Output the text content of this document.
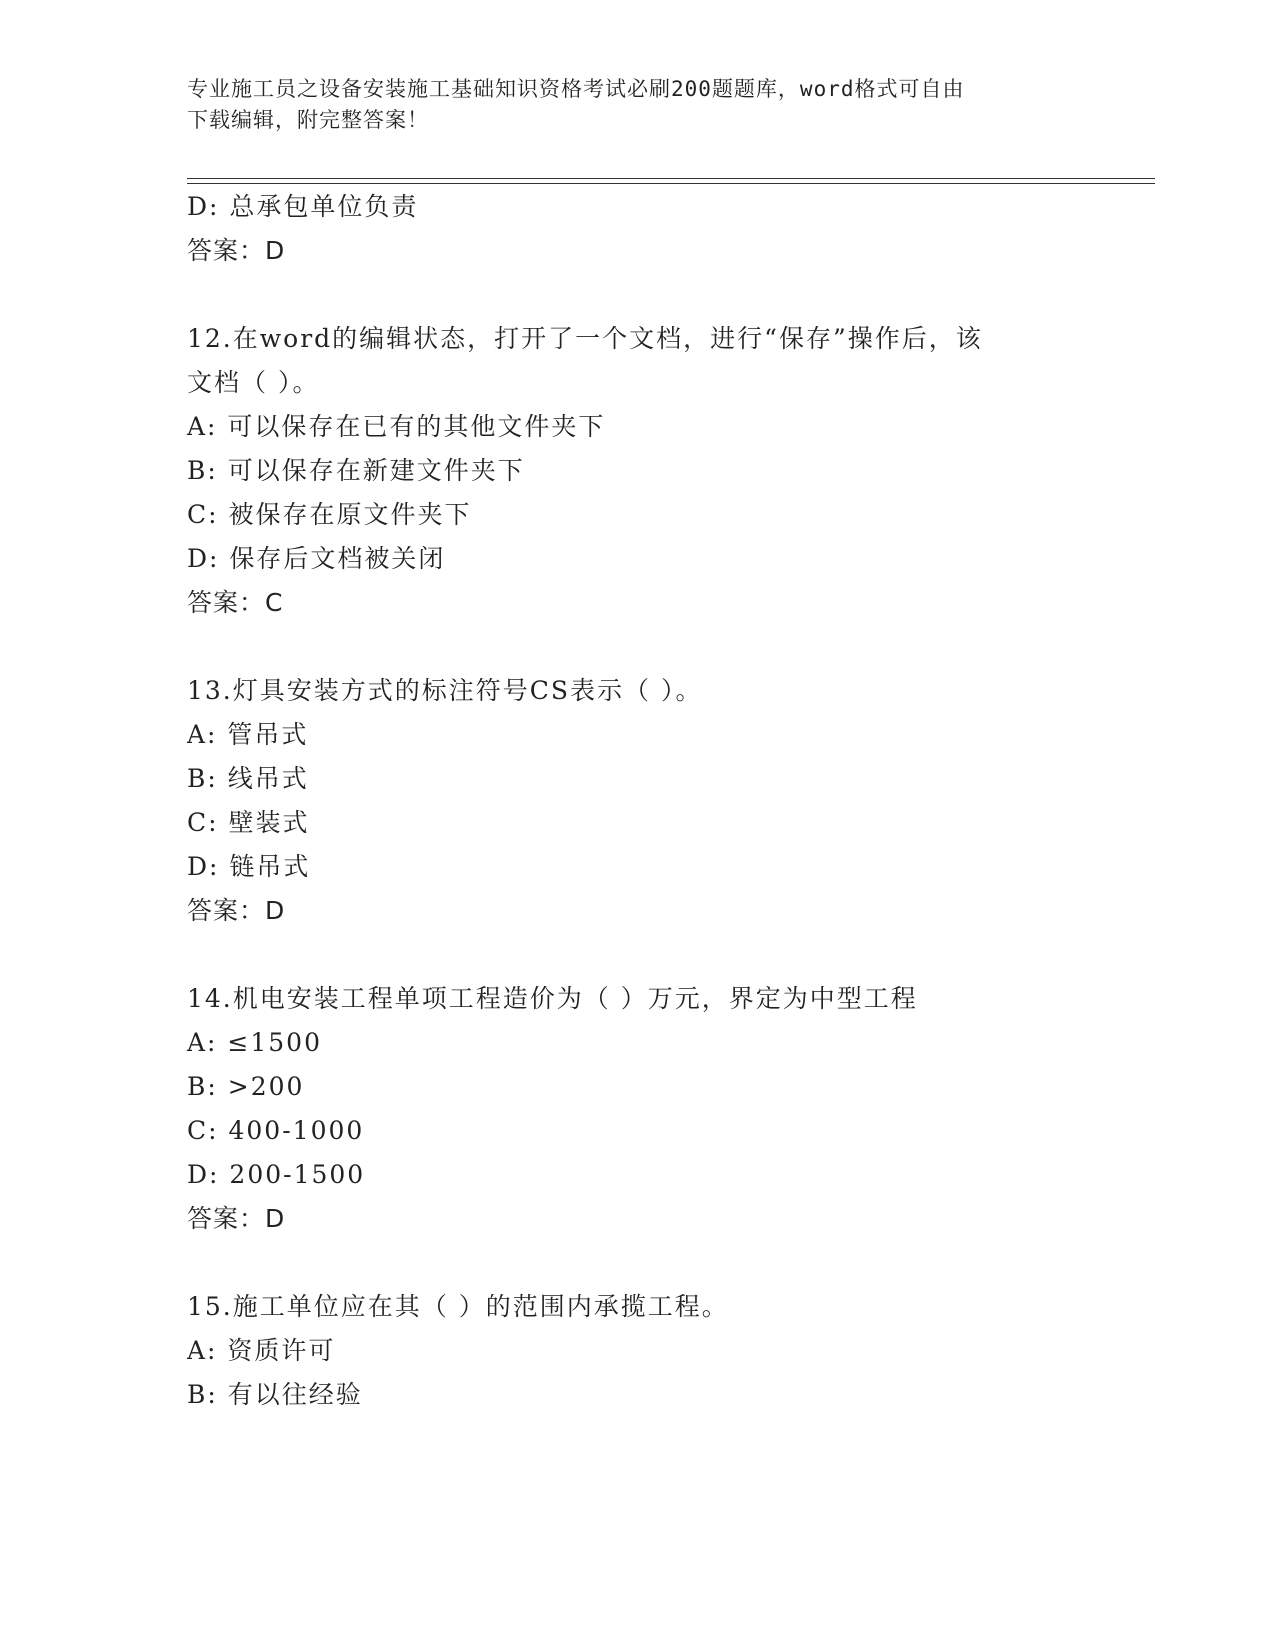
专业施工员之设备安装施工基础知识资格考试必刷200题题库，word格式可自由
下载编辑，附完整答案！
D: 总承包单位负责
答案：D
12.在word的编辑状态，打开了一个文档，进行“保存”操作后，该
文档（ ）。
A: 可以保存在已有的其他文件夹下
B: 可以保存在新建文件夹下
C: 被保存在原文件夹下
D: 保存后文档被关闭
答案：C
13.灯具安装方式的标注符号CS表示（ ）。
A: 管吊式
B: 线吊式
C: 壁装式
D: 链吊式
答案：D
14.机电安装工程单项工程造价为（ ）万元，界定为中型工程
A: ≤1500
B: >200
C: 400-1000
D: 200-1500
答案：D
15.施工单位应在其（ ）的范围内承揽工程。
A: 资质许可
B: 有以往经验
